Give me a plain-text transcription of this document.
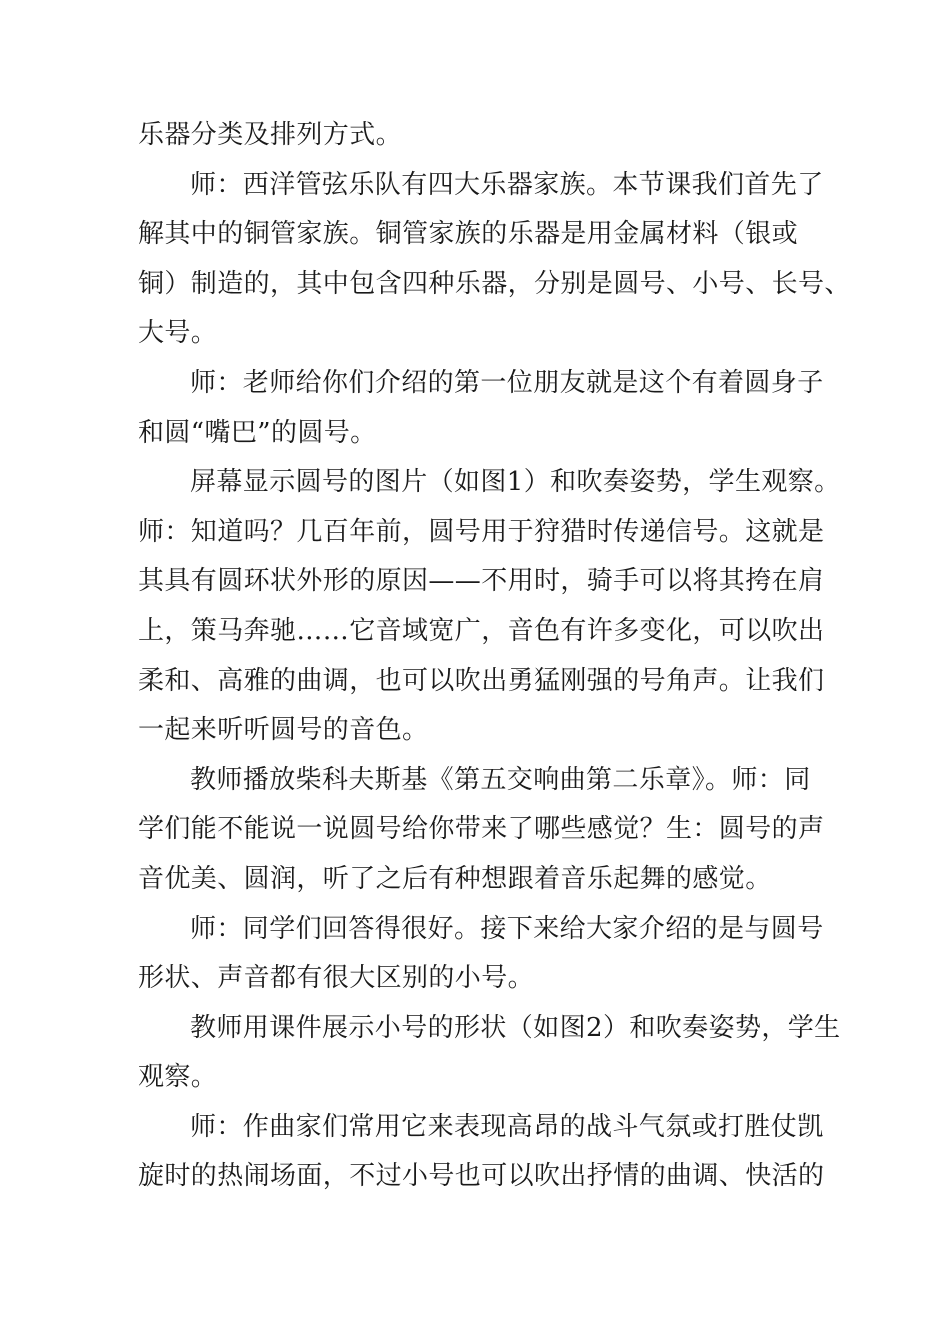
乐器分类及排列方式。
师：西洋管弦乐队有四大乐器家族。本节课我们首先了
解其中的铜管家族。铜管家族的乐器是用金属材料（银或
铜）制造的，其中包含四种乐器，分别是圆号、小号、长号、
大号。
师：老师给你们介绍的第一位朋友就是这个有着圆身子
和圆“嘴巴”的圆号。
屏幕显示圆号的图片（如图1）和吹奏姿势，学生观察。
师：知道吗？几百年前，圆号用于狩猎时传递信号。这就是
其具有圆环状外形的原因——不用时，骑手可以将其挎在肩
上，策马奔驰……它音域宽广，音色有许多变化，可以吹出
柔和、高雅的曲调，也可以吹出勇猛刚强的号角声。让我们
一起来听听圆号的音色。
教师播放柴科夫斯基《第五交响曲第二乐章》。师：同
学们能不能说一说圆号给你带来了哪些感觉？生：圆号的声
音优美、圆润，听了之后有种想跟着音乐起舞的感觉。
师：同学们回答得很好。接下来给大家介绍的是与圆号
形状、声音都有很大区别的小号。
教师用课件展示小号的形状（如图2）和吹奏姿势，学生
观察。
师：作曲家们常用它来表现高昂的战斗气氛或打胜仗凯
旋时的热闹场面，不过小号也可以吹出抒情的曲调、快活的
